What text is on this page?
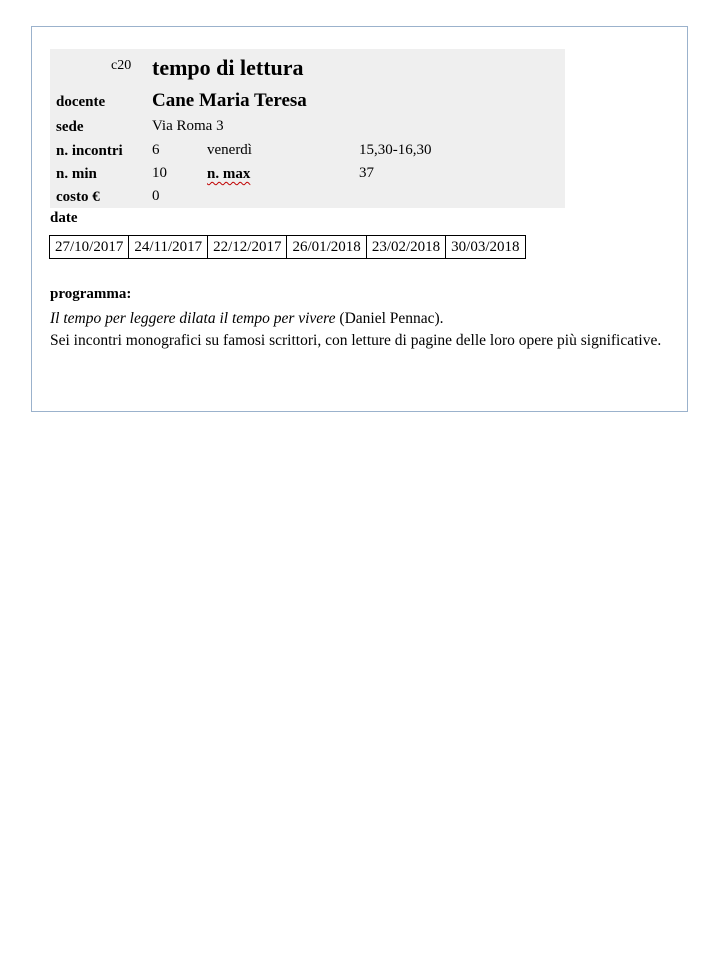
c20 tempo di lettura
docente Cane Maria Teresa
sede	Via Roma 3
n. incontri 6	venerdì	15,30-16,30
n. min	10	n. max	37
costo €	0
date
27/10/2017	24/11/2017	22/12/2017	26/01/2018	23/02/2018	30/03/2018
programma:
Il tempo per leggere dilata il tempo per vivere (Daniel Pennac).
Sei incontri monografici su famosi scrittori, con letture di pagine delle loro opere più significative.
